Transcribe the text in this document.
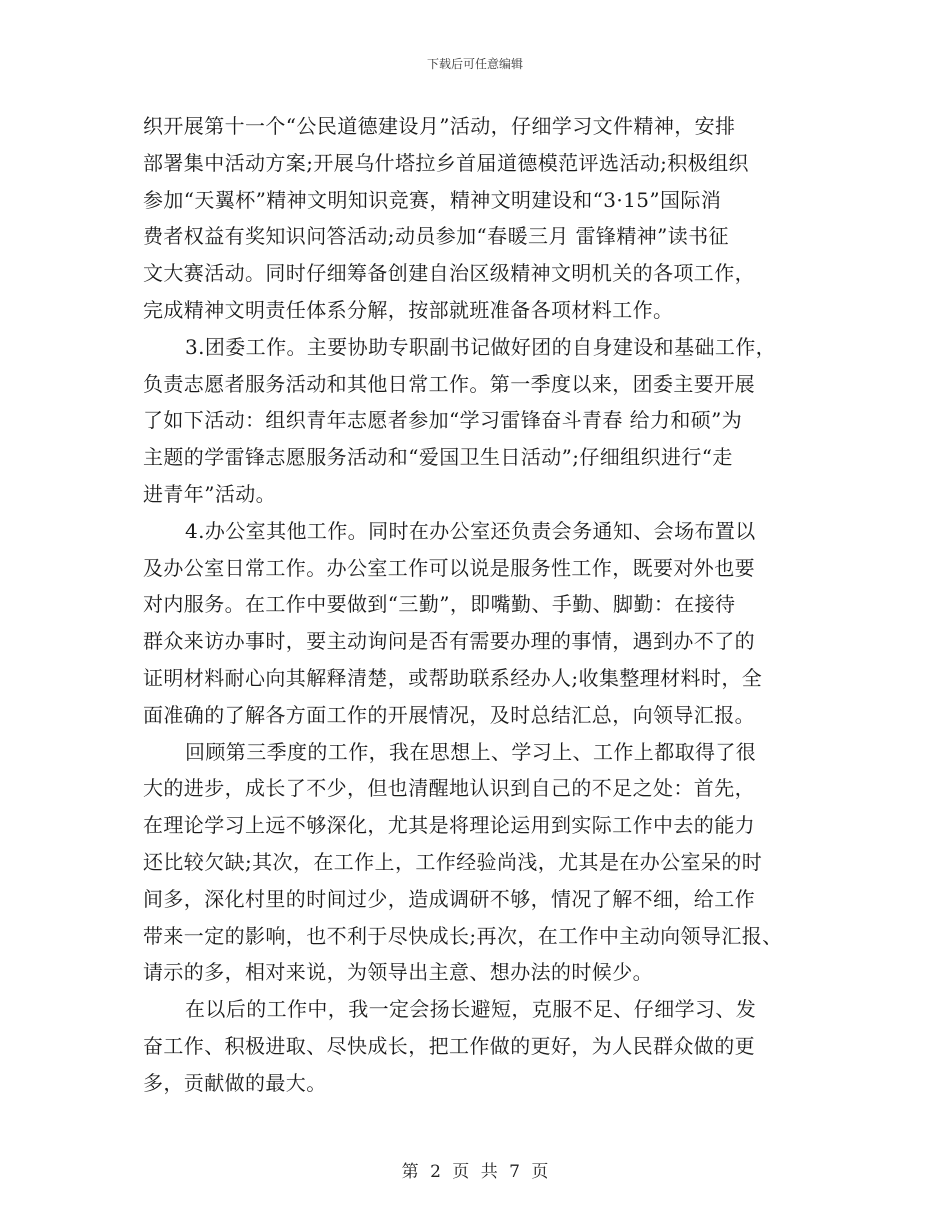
下载后可任意编辑
织开展第十一个“公民道德建设月”活动，仔细学习文件精神，安排
部署集中活动方案;开展乌什塔拉乡首届道德模范评选活动;积极组织
参加“天翼杯”精神文明知识竞赛，精神文明建设和“3·15”国际消
费者权益有奖知识问答活动;动员参加“春暖三月 雷锋精神”读书征
文大赛活动。同时仔细筹备创建自治区级精神文明机关的各项工作，
完成精神文明责任体系分解，按部就班准备各项材料工作。
3.团委工作。主要协助专职副书记做好团的自身建设和基础工作，
负责志愿者服务活动和其他日常工作。第一季度以来，团委主要开展
了如下活动：组织青年志愿者参加“学习雷锋奋斗青春 给力和硕”为
主题的学雷锋志愿服务活动和“爱国卫生日活动”;仔细组织进行“走
进青年”活动。
4.办公室其他工作。同时在办公室还负责会务通知、会场布置以
及办公室日常工作。办公室工作可以说是服务性工作，既要对外也要
对内服务。在工作中要做到“三勤”，即嘴勤、手勤、脚勤：在接待
群众来访办事时，要主动询问是否有需要办理的事情，遇到办不了的
证明材料耐心向其解释清楚，或帮助联系经办人;收集整理材料时，全
面准确的了解各方面工作的开展情况，及时总结汇总，向领导汇报。
回顾第三季度的工作，我在思想上、学习上、工作上都取得了很
大的进步，成长了不少，但也清醒地认识到自己的不足之处：首先，
在理论学习上远不够深化，尤其是将理论运用到实际工作中去的能力
还比较欠缺;其次，在工作上，工作经验尚浅，尤其是在办公室呆的时
间多，深化村里的时间过少，造成调研不够，情况了解不细，给工作
带来一定的影响，也不利于尽快成长;再次，在工作中主动向领导汇报、
请示的多，相对来说，为领导出主意、想办法的时候少。
在以后的工作中，我一定会扬长避短，克服不足、仔细学习、发
奋工作、积极进取、尽快成长，把工作做的更好，为人民群众做的更
多，贡献做的最大。
第 2 页 共 7 页
